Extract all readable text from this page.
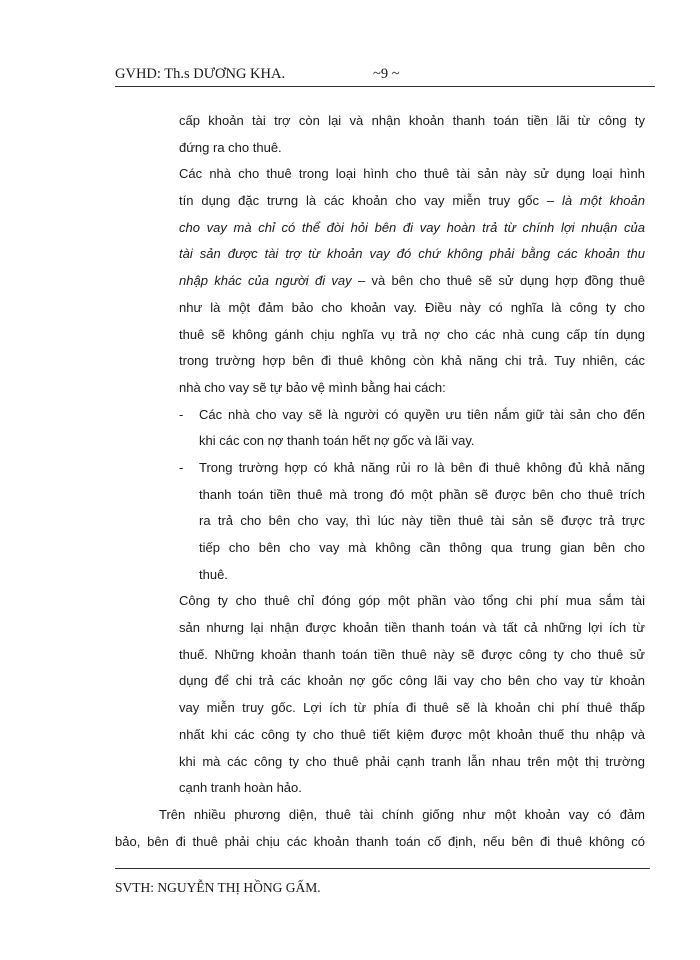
GVHD: Th.s DƯƠNG KHA.	~9 ~
cấp khoản tài trợ còn lại và nhận khoản thanh toán tiền lãi từ công ty
đứng ra cho thuê.
Các nhà cho thuê trong loại hình cho thuê tài sản này sử dụng loại hình
tín dụng đặc trưng là các khoản cho vay miễn truy gốc – là một khoản
cho vay mà chỉ có thể đòi hỏi bên đi vay hoàn trả từ chính lợi nhuận của
tài sản được tài trợ từ khoản vay đó chứ không phải bằng các khoản thu
nhập khác của người đi vay – và bên cho thuê sẽ sử dụng hợp đồng thuê
như là một đảm bảo cho khoản vay. Điều này có nghĩa là công ty cho
thuê sẽ không gánh chịu nghĩa vụ trả nợ cho các nhà cung cấp tín dụng
trong trường hợp bên đi thuê không còn khả năng chi trả. Tuy nhiên, các
nhà cho vay sẽ tự bảo vệ mình bằng hai cách:
- Các nhà cho vay sẽ là người có quyền ưu tiên nắm giữ tài sản cho đến
khi các con nợ thanh toán hết nợ gốc và lãi vay.
- Trong trường hợp có khả năng rủi ro là bên đi thuê không đủ khả năng
thanh toán tiền thuê mà trong đó một phần sẽ được bên cho thuê trích
ra trả cho bên cho vay, thì lúc này tiền thuê tài sản sẽ được trả trực
tiếp cho bên cho vay mà không cần thông qua trung gian bên cho
thuê.
Công ty cho thuê chỉ đóng góp một phần vào tổng chi phí mua sắm tài
sản nhưng lại nhận được khoản tiền thanh toán và tất cả những lợi ích từ
thuế. Những khoản thanh toán tiền thuê này sẽ được công ty cho thuê sử
dụng để chi trả các khoản nợ gốc công lãi vay cho bên cho vay từ khoản
vay miễn truy gốc. Lợi ích từ phía đi thuê sẽ là khoản chi phí thuê thấp
nhất khi các công ty cho thuê tiết kiệm được một khoản thuế thu nhập và
khi mà các công ty cho thuê phải cạnh tranh lẫn nhau trên một thị trường
cạnh tranh hoàn hảo.
Trên nhiều phương diện, thuê tài chính giống như một khoản vay có đảm
bảo, bên đi thuê phải chịu các khoản thanh toán cố định, nếu bên đi thuê không có
SVTH: NGUYỄN THỊ HỒNG GẤM.
